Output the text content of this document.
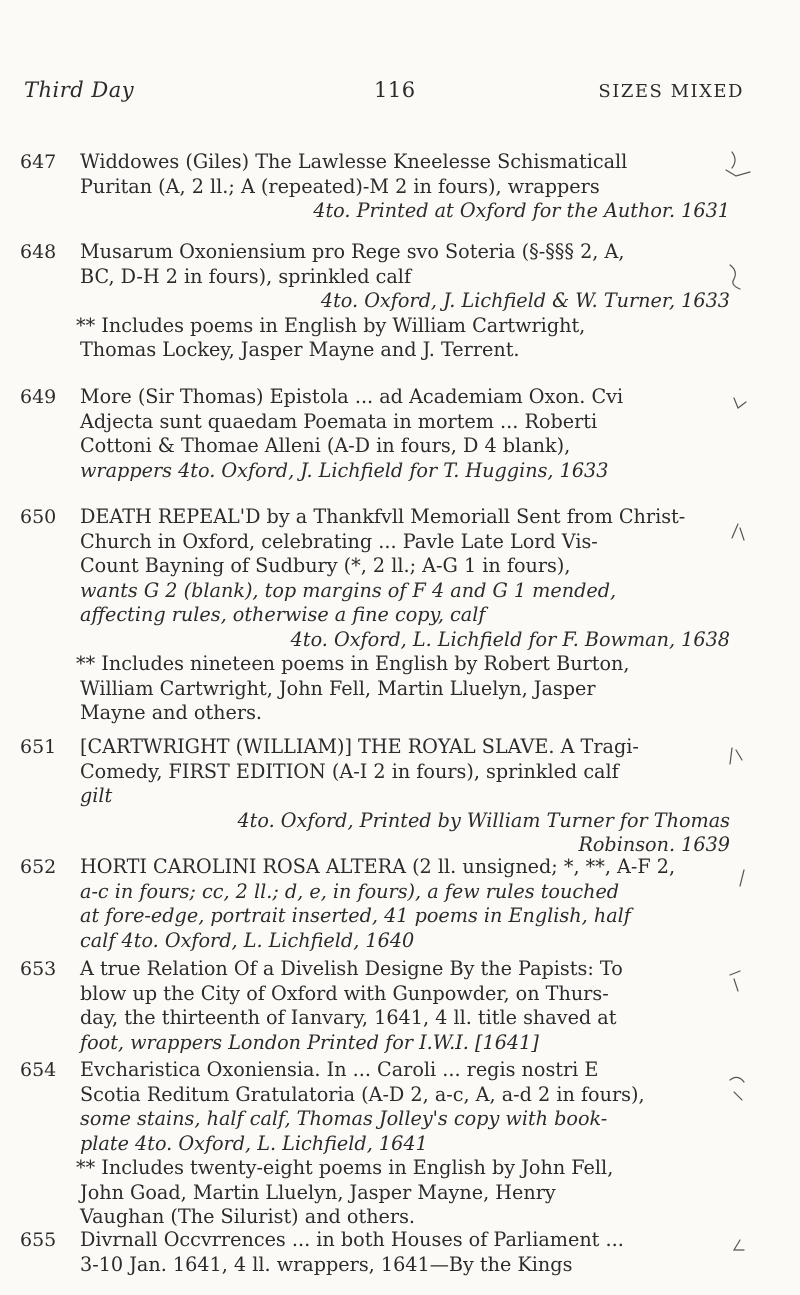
Third Day	116	SIZES MIXED
647 Widdowes (Giles) The Lawlesse Kneelesse Schismaticall
Puritan (A, 2 ll.; A (repeated)-M 2 in fours), wrappers
4to. Printed at Oxford for the Author. 1631
648 Musarum Oxoniensium pro Rege svo Soteria (§-§§§ 2, A,
BC, D-H 2 in fours), sprinkled calf
4to. Oxford, J. Lichfield & W. Turner, 1633
** Includes poems in English by William Cartwright,
Thomas Lockey, Jasper Mayne and J. Terrent.
649 More (Sir Thomas) Epistola ... ad Academiam Oxon. Cvi
Adjecta sunt quaedam Poemata in mortem ... Roberti
Cottoni & Thomae Alleni (A-D in fours, D 4 blank),
wrappers 4to. Oxford, J. Lichfield for T. Huggins, 1633
650 DEATH REPEAL'D by a Thankfvll Memoriall Sent from Christ-
Church in Oxford, celebrating ... Pavle Late Lord Vis-
Count Bayning of Sudbury (*, 2 ll.; A-G 1 in fours),
wants G 2 (blank), top margins of F 4 and G 1 mended,
affecting rules, otherwise a fine copy, calf
4to. Oxford, L. Lichfield for F. Bowman, 1638
** Includes nineteen poems in English by Robert Burton,
William Cartwright, John Fell, Martin Lluelyn, Jasper
Mayne and others.
651 [CARTWRIGHT (WILLIAM)] THE ROYAL SLAVE. A Tragi-
Comedy, FIRST EDITION (A-I 2 in fours), sprinkled calf
gilt
4to. Oxford, Printed by William Turner for Thomas
Robinson. 1639
652 HORTI CAROLINI ROSA ALTERA (2 ll. unsigned; *, **, A-F 2,
a-c in fours; cc, 2 ll.; d, e, in fours), a few rules touched
at fore-edge, portrait inserted, 41 poems in English, half
calf 4to. Oxford, L. Lichfield, 1640
653 A true Relation Of a Divelish Designe By the Papists: To
blow up the City of Oxford with Gunpowder, on Thurs-
day, the thirteenth of Ianvary, 1641, 4 ll. title shaved at
foot, wrappers London Printed for I.W.I. [1641]
654 Evcharistica Oxoniensia. In ... Caroli ... regis nostri E
Scotia Reditum Gratulatoria (A-D 2, a-c, A, a-d 2 in fours),
some stains, half calf, Thomas Jolley's copy with book-
plate 4to. Oxford, L. Lichfield, 1641
** Includes twenty-eight poems in English by John Fell,
John Goad, Martin Lluelyn, Jasper Mayne, Henry
Vaughan (The Silurist) and others.
655 Divrnall Occvrrences ... in both Houses of Parliament ...
3-10 Jan. 1641, 4 ll. wrappers, 1641—By the Kings
